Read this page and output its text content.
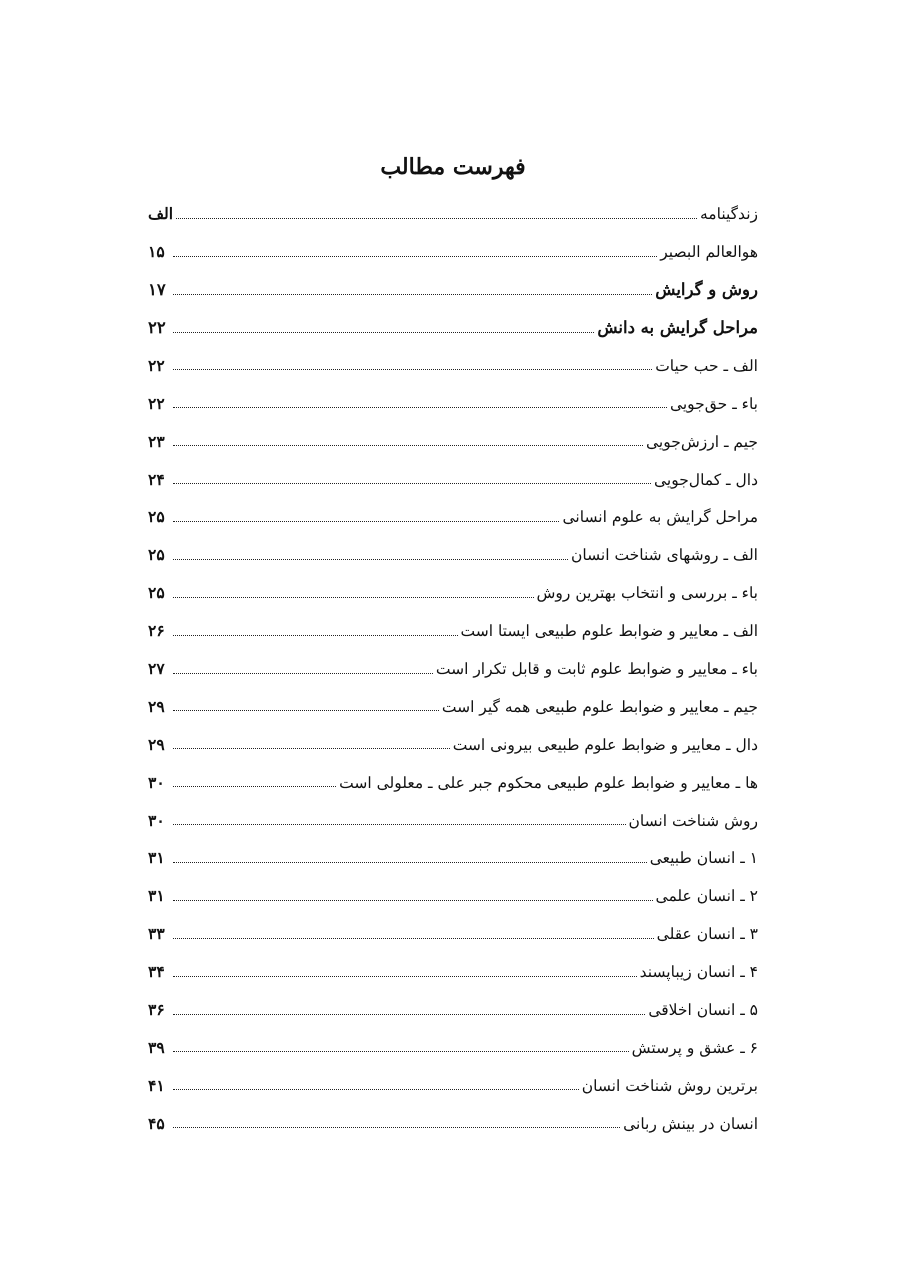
فهرست مطالب
زندگینامه
الف
هوالعالم البصیر
۱۵
روش و گرایش
۱۷
مراحل گرایش به دانش
۲۲
الف ـ حب حیات
۲۲
باء ـ حق‌جویی
۲۲
جیم ـ ارزش‌جویی
۲۳
دال ـ کمال‌جویی
۲۴
مراحل گرایش به علوم انسانی
۲۵
الف ـ روشهای شناخت انسان
۲۵
باء ـ بررسی و انتخاب بهترین روش
۲۵
الف ـ معایير و ضوابط علوم طبیعی ایستا است
۲۶
باء ـ معایير و ضوابط علوم ثابت و قابل تکرار است
۲۷
جیم ـ معایير و ضوابط علوم طبیعی همه گیر است
۲۹
دال ـ معایير و ضوابط علوم طبیعی بیرونی است
۲۹
ها ـ معایير و ضوابط علوم طبیعی محکوم جبر علی ـ معلولی است
۳۰
روش شناخت انسان
۳۰
۱ ـ انسان طبیعی
۳۱
۲ ـ انسان علمی
۳۱
۳ ـ انسان عقلی
۳۳
۴ ـ انسان زیباپسند
۳۴
۵ ـ انسان اخلاقی
۳۶
۶ ـ عشق و پرستش
۳۹
برترین روش شناخت انسان
۴۱
انسان در بینش ربانی
۴۵
